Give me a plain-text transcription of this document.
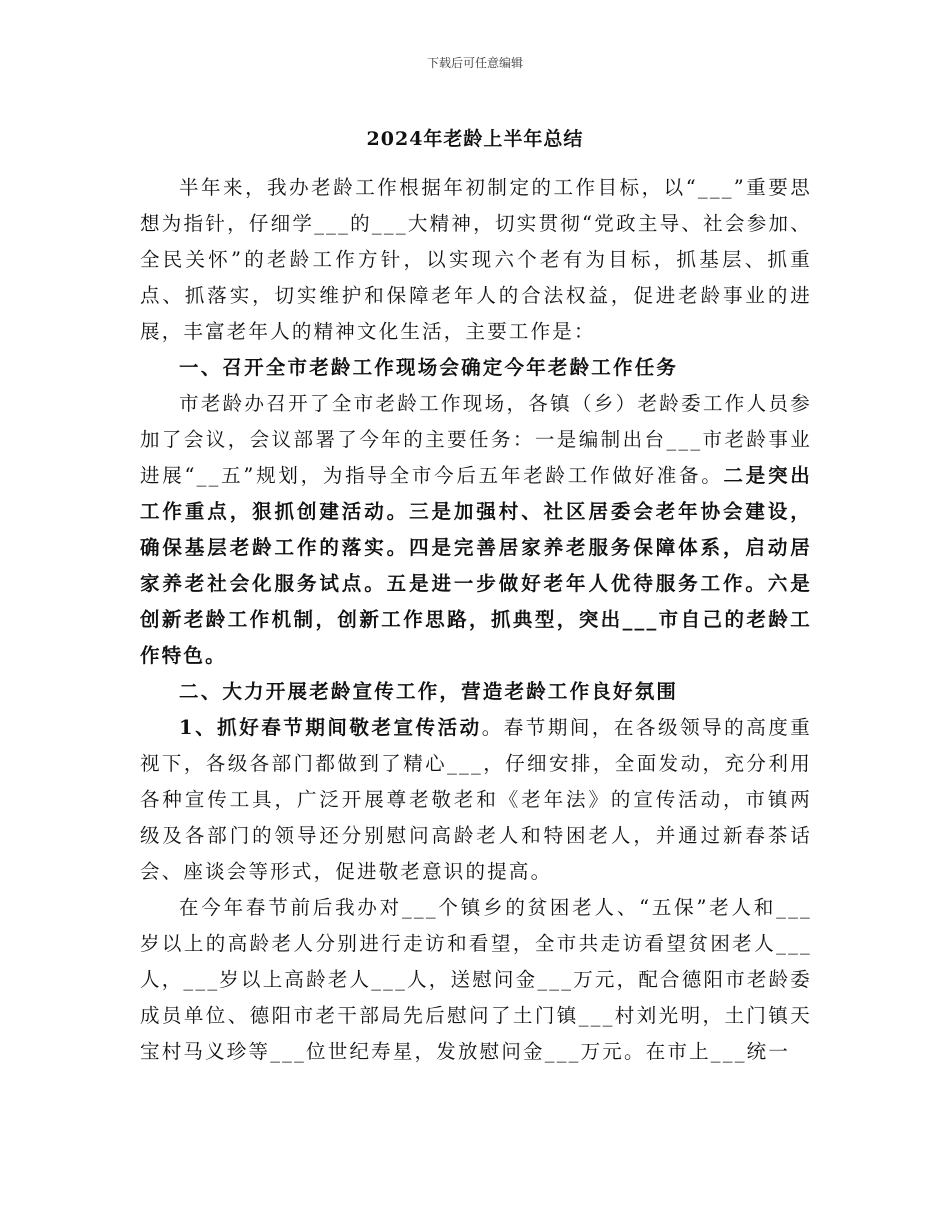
下载后可任意编辑
2024年老龄上半年总结

半年来，我办老龄工作根据年初制定的工作目标，以“___”重要思想为指针，仔细学___的___大精神，切实贯彻“党政主导、社会参加、全民关怀”的老龄工作方针，以实现六个老有为目标，抓基层、抓重点、抓落实，切实维护和保障老年人的合法权益，促进老龄事业的进展，丰富老年人的精神文化生活，主要工作是：

一、召开全市老龄工作现场会确定今年老龄工作任务

市老龄办召开了全市老龄工作现场，各镇（乡）老龄委工作人员参加了会议，会议部署了今年的主要任务：一是编制出台___市老龄事业进展“__五”规划，为指导全市今后五年老龄工作做好准备。二是突出工作重点，狠抓创建活动。三是加强村、社区居委会老年协会建设，确保基层老龄工作的落实。四是完善居家养老服务保障体系，启动居家养老社会化服务试点。五是进一步做好老年人优待服务工作。六是创新老龄工作机制，创新工作思路，抓典型，突出___市自己的老龄工作特色。

二、大力开展老龄宣传工作，营造老龄工作良好氛围

1、抓好春节期间敬老宣传活动。春节期间，在各级领导的高度重视下，各级各部门都做到了精心___，仔细安排，全面发动，充分利用各种宣传工具，广泛开展尊老敬老和《老年法》的宣传活动，市镇两级及各部门的领导还分别慰问高龄老人和特困老人，并通过新春茶话会、座谈会等形式，促进敬老意识的提高。

在今年春节前后我办对___个镇乡的贫困老人、“五保”老人和___岁以上的高龄老人分别进行走访和看望，全市共走访看望贫困老人___人，___岁以上高龄老人___人，送慰问金___万元，配合德阳市老龄委成员单位、德阳市老干部局先后慰问了土门镇___村刘光明，土门镇天宝村马义珍等___位世纪寿星，发放慰问金___万元。在市上___统一
